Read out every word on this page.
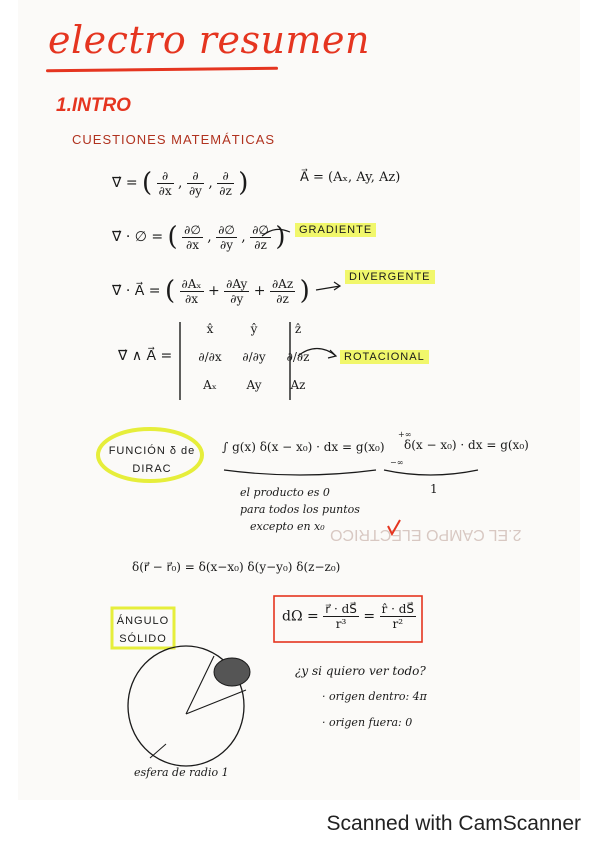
2.EL CAMPO ELECTRICO
electro resumen
1.INTRO
CUESTIONES MATEMÁTICAS
∇⃗ = ( $\frac{\partial}{\partial x}$ , $\frac{\partial}{\partial y}$ , $\frac{\partial}{\partial z}$ )	A⃗ = (Aₓ, Ay, Az)
∇⃗ · ∅ = ( $\frac{\partial\emptyset}{\partial x}$ , $\frac{\partial\emptyset}{\partial y}$ , $\frac{\partial\emptyset}{\partial z}$ )	GRADIENTE
∇⃗ · A⃗ = ( $\frac{\text{∂Aₓ}}{\partial x} + \frac{\partial Ay}{\partial y} + \frac{\partial Az}{\partial z}$ )	DIVERGENTE
∇⃗ ∧ A⃗ =
x̂	ŷ	ẑ
∂/∂x	∂/∂y	∂/∂z
Aₓ	Ay	Az
ROTACIONAL
FUNCIÓN δ de
DIRAC
∫ g(x) δ(x − x₀) · dx = g(x₀)
+∞
−∞
δ(x − x₀) · dx = g(x₀)
1
el producto es 0
para todos los puntos
excepto en x₀
δ(r⃗ − r⃗₀) = δ(x−x₀) δ(y−y₀) δ(z−z₀)
ÁNGULO
SÓLIDO
$d\Omega = \frac{r⃗ \cdot dS⃗}{\text{r³}} = \frac{r̂ \cdot dS⃗}{\text{r²}}$
¿y si quiero ver todo?
· origen dentro: 4π
· origen fuera: 0
esfera de radio 1
Scanned with CamScanner
